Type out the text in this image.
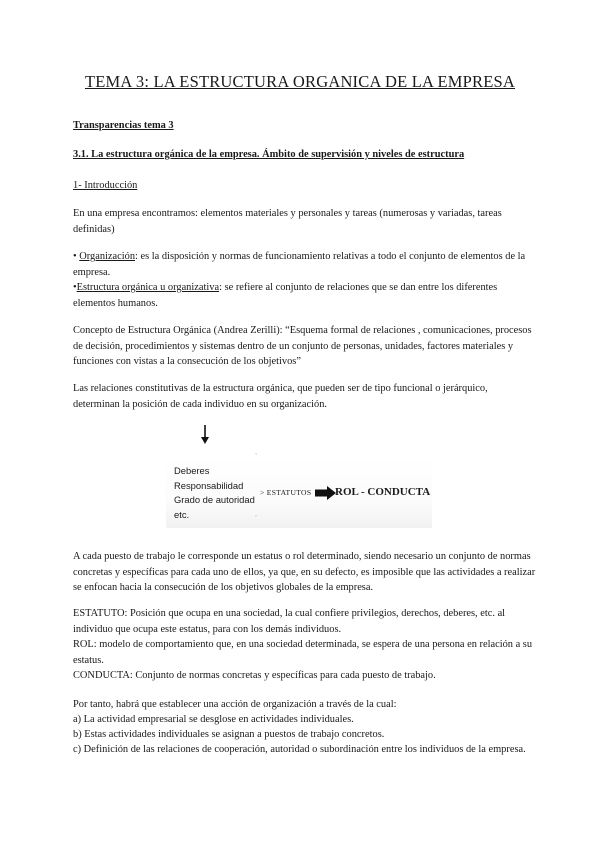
TEMA 3: LA ESTRUCTURA ORGANICA DE LA EMPRESA

Transparencias tema 3

3.1. La estructura orgánica de la empresa. Ámbito de supervisión y niveles de estructura

1- Introducción

En una empresa encontramos: elementos materiales y personales y tareas (numerosas y variadas, tareas definidas)

• Organización: es la disposición y normas de funcionamiento relativas a todo el conjunto de elementos de la empresa.

•Estructura orgánica u organizativa: se refiere al conjunto de relaciones que se dan entre los diferentes elementos humanos.

Concepto de Estructura Orgánica (Andrea Zerilli): “Esquema formal de relaciones , comunicaciones, procesos de decisión, procedimientos y sistemas dentro de un conjunto de personas, unidades, factores materiales y funciones con vistas a la consecución de los objetivos”

Las relaciones constitutivas de la estructura orgánica, que pueden ser de tipo funcional o jerárquico, determinan la posición de cada individuo en su organización.

Deberes
Responsabilidad
Grado de autoridad
etc.

`
´
> ESTATUTOS ROL - CONDUCTA

A cada puesto de trabajo le corresponde un estatus o rol determinado, siendo necesario un conjunto de normas concretas y específicas para cada uno de ellos, ya que, en su defecto, es imposible que las actividades a realizar se enfocan hacia la consecución de los objetivos globales de la empresa.

ESTATUTO: Posición que ocupa en una sociedad, la cual confiere privilegios, derechos, deberes, etc. al individuo que ocupa este estatus, para con los demás individuos.

ROL: modelo de comportamiento que, en una sociedad determinada, se espera de una persona en relación a su estatus.

CONDUCTA: Conjunto de normas concretas y específicas para cada puesto de trabajo.

Por tanto, habrá que establecer una acción de organización a través de la cual:

a) La actividad empresarial se desglose en actividades individuales.

b) Estas actividades individuales se asignan a puestos de trabajo concretos.

c) Definición de las relaciones de cooperación, autoridad o subordinación entre los individuos de la empresa.
